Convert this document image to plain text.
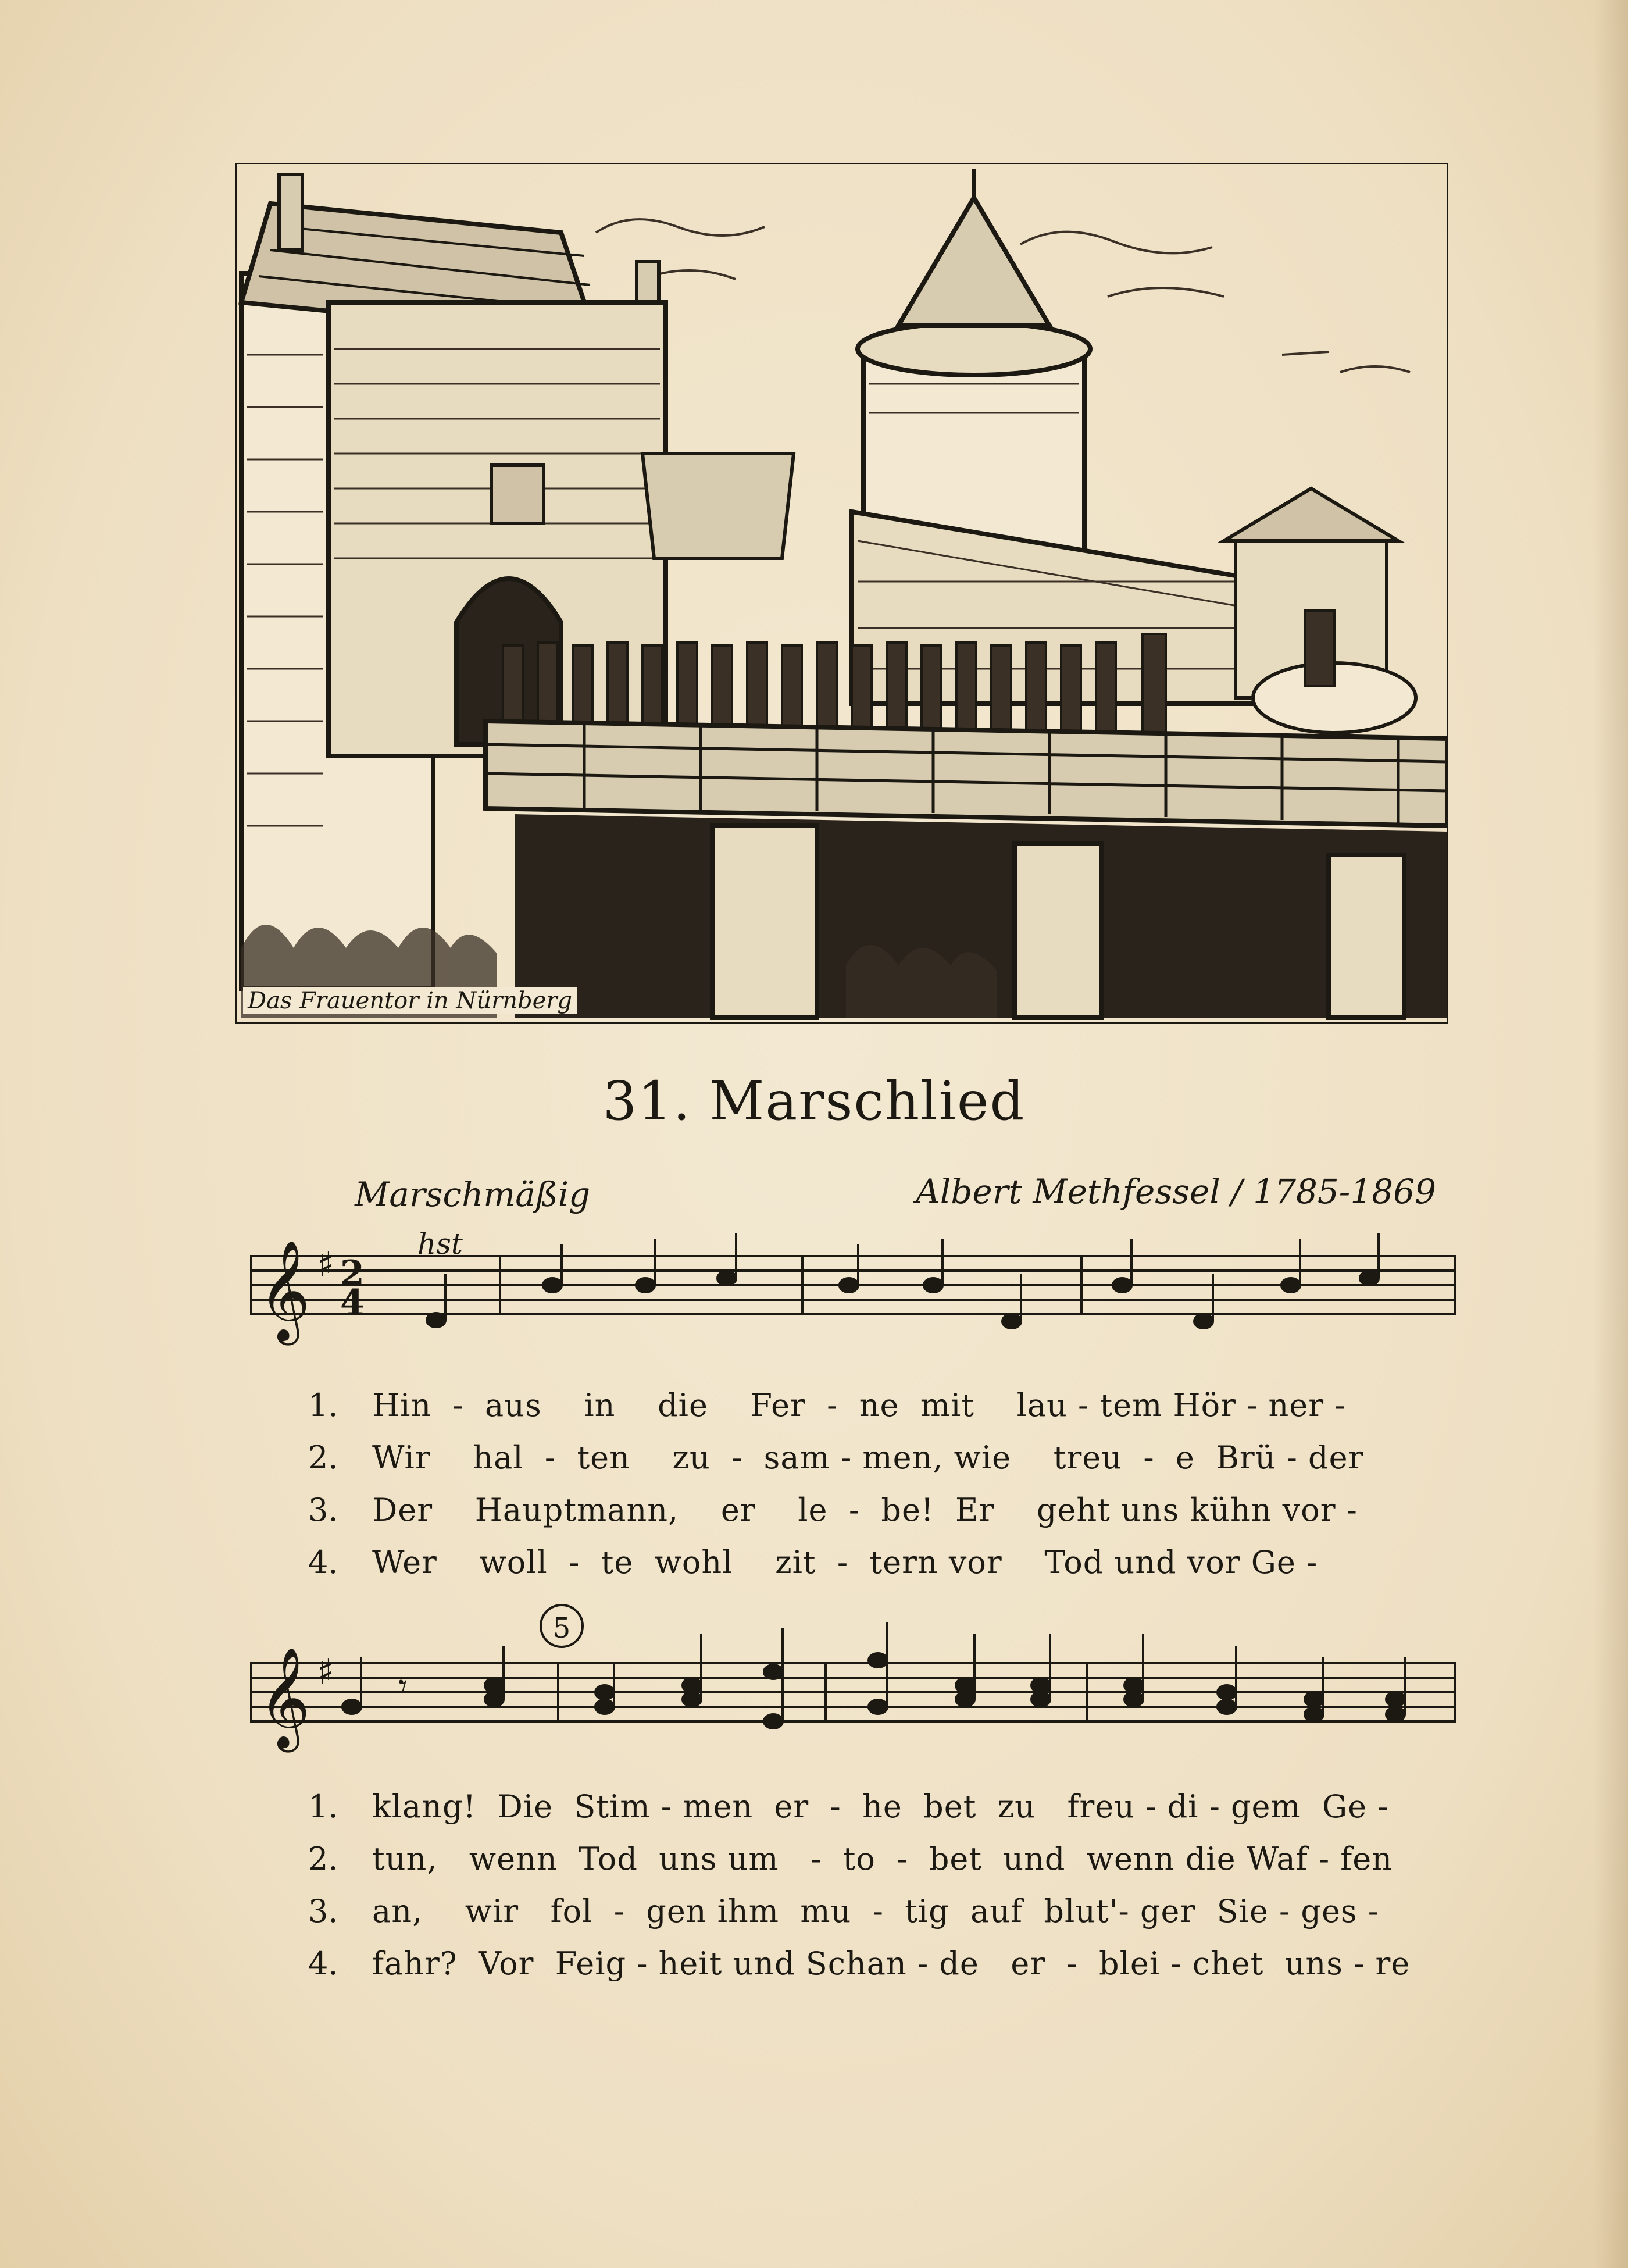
Das Frauentor in Nürnberg
31. Marschlied
Marschmäßig	Albert Methfessel / 1785-1869
𝄞 ♯ 2
4
hst
1.	Hin  -  aus    in    die    Fer  -  ne  mit    lau - tem Hör - ner -
2.	Wir    hal  -  ten    zu  -  sam - men, wie    treu  -  e  Brü - der
3.	Der    Hauptmann,    er    le  -  be!  Er    geht uns kühn vor -
4.	Wer    woll  -  te  wohl    zit  -  tern vor    Tod und vor Ge -
5
𝄞 ♯ 𝄾
1.	klang!  Die  Stim - men  er  -  he  bet  zu   freu - di - gem  Ge -
2.	tun,   wenn  Tod  uns um   -  to  -  bet  und  wenn die Waf - fen
3.	an,    wir   fol  -  gen ihm  mu  -  tig  auf  blut'- ger  Sie - ges -
4.	fahr?  Vor  Feig - heit und Schan - de   er  -  blei - chet  uns - re
